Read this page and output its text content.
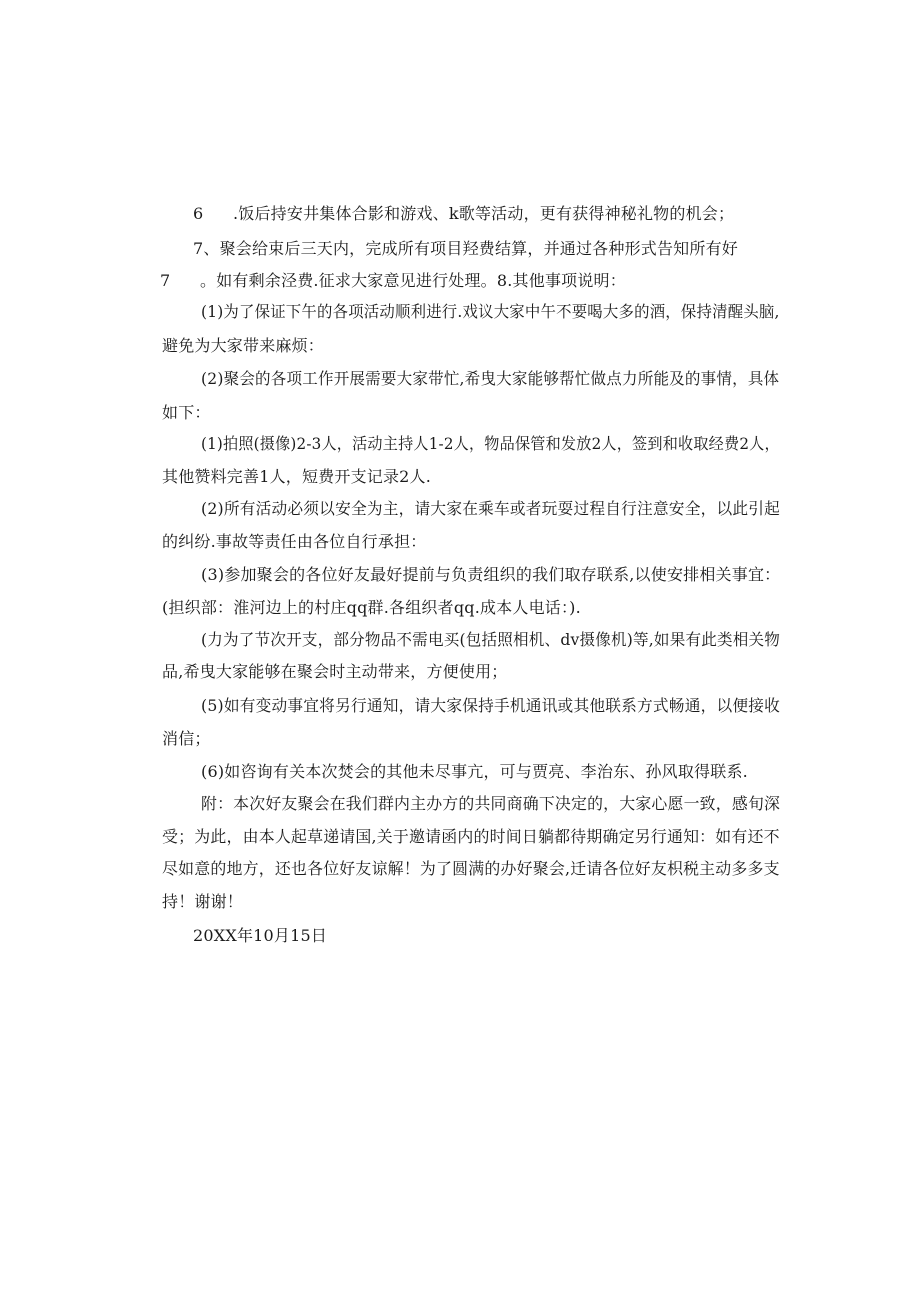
6 .饭后持安井集体合影和游戏、k歌等活动，更有获得神秘礼物的机会；
7、聚会给束后三天内，完成所有项目羟费结算，并通过各种形式告知所有好
7 。如有剩余泾费.征求大家意见进行处理。8.其他事项说明：
(1)为了保证下午的各项活动顺利进行.戏议大家中午不要喝大多的酒，保持清醒头脑,
避免为大家带来麻烦：
(2)聚会的各项工作开展需要大家带忙,希曳大家能够帮忙做点力所能及的事情，具体
如下：
(1)拍照(摄像)2-3人，活动主持人1-2人，物品保管和发放2人，签到和收取经费2人，
其他赞料完善1人，短费开支记录2人.
(2)所有活动必须以安全为主，请大家在乘车或者玩耍过程自行注意安全，以此引起
的纠纷.事故等责任由各位自行承担：
(3)参加聚会的各位好友最好提前与负责组织的我们取存联系,以使安排相关事宜：
(担织部：淮河边上的村庄qq群.各组织者qq.成本人电话：).
(力为了节次开支，部分物品不需电买(包括照相机、dv摄像机)等,如果有此类相关物
品,希曳大家能够在聚会时主动带来，方便使用；
(5)如有变动事宜将另行通知，请大家保持手机通讯或其他联系方式畅通，以便接收
消信；
(6)如咨询有关本次焚会的其他未尽事亢，可与贾亮、李治东、孙风取得联系.
附：本次好友聚会在我们群内主办方的共同商确下决定的，大家心愿一致，感旬深
受；为此，由本人起草递请国,关于邀请函内的时间日躺都待期确定另行通知：如有还不
尽如意的地方，还也各位好友谅解！为了圆满的办好聚会,迁请各位好友枳税主动多多支
持！谢谢！
20XX年10月15日
